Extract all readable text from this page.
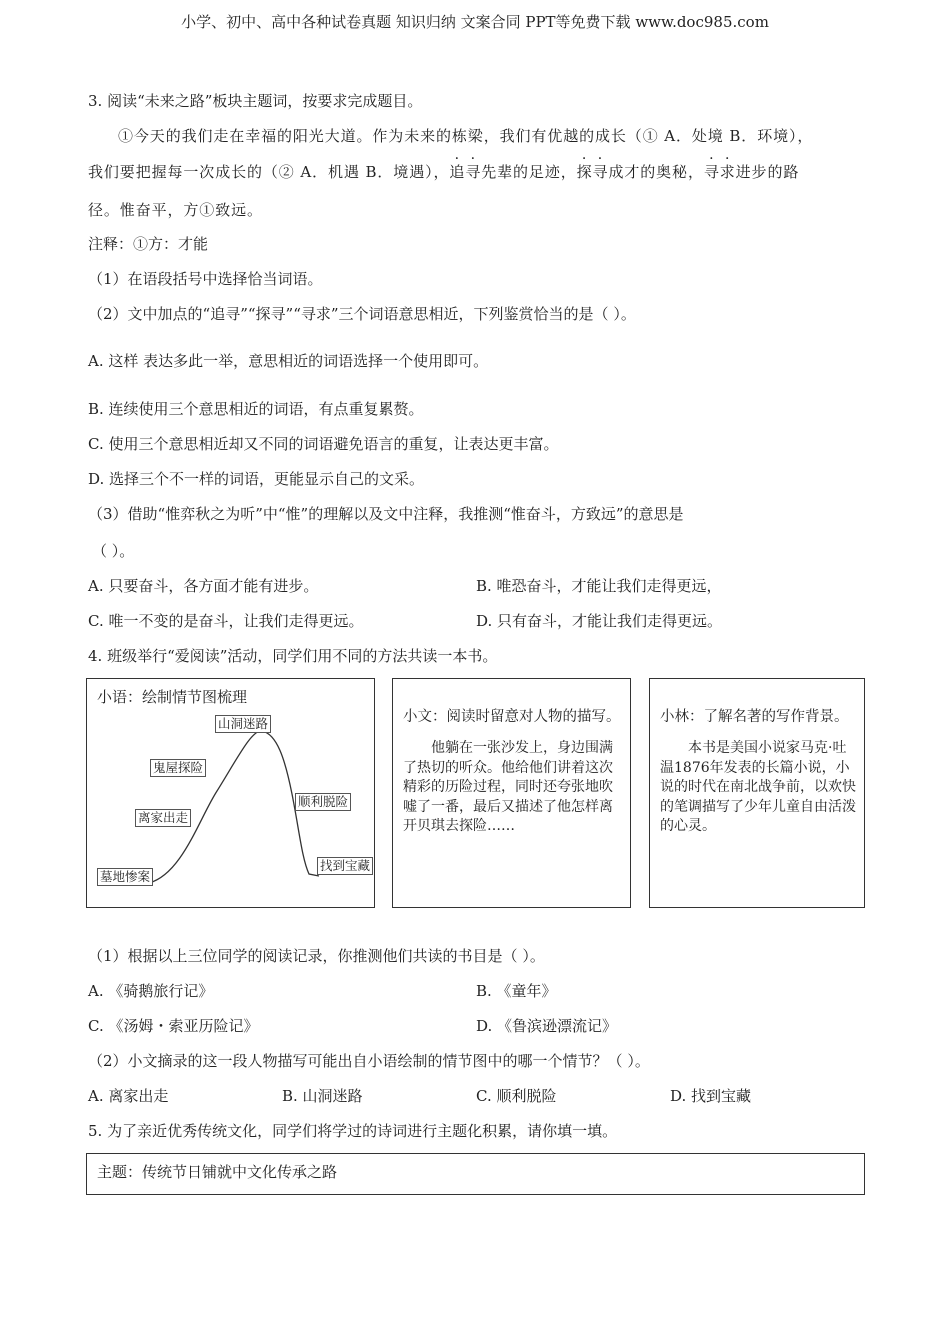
小学、初中、高中各种试卷真题 知识归纳 文案合同 PPT等免费下载 www.doc985.com
3. 阅读“未来之路”板块主题词，按要求完成题目。
①今天的我们走在幸福的阳光大道。作为未来的栋梁，我们有优越的成长（① A．处境 B．环境），
我们要把握每一次成长的（② A．机遇 B．境遇），追寻先辈的足迹，探寻成才的奥秘，寻求进步的路
径。惟奋平，方①致远。
注释：①方：才能
（1）在语段括号中选择恰当词语。
（2）文中加点的“追寻”“探寻”“寻求”三个词语意思相近，下列鉴赏恰当的是（ ）。
A. 这样 表达多此一举，意思相近的词语选择一个使用即可。
B. 连续使用三个意思相近的词语，有点重复累赘。
C. 使用三个意思相近却又不同的词语避免语言的重复，让表达更丰富。
D. 选择三个不一样的词语，更能显示自己的文采。
（3）借助“惟弈秋之为听”中“惟”的理解以及文中注释，我推测“惟奋斗，方致远”的意思是
（ ）。
A. 只要奋斗，各方面才能有进步。	B. 唯恐奋斗，才能让我们走得更远，
C. 唯一不变的是奋斗，让我们走得更远。	D. 只有奋斗，才能让我们走得更远。
4. 班级举行“爱阅读”活动，同学们用不同的方法共读一本书。
小语：绘制情节图梳理
山洞迷路
鬼屋探险
离家出走
墓地惨案
顺利脱险
找到宝藏

小文：阅读时留意对人物的描写。

他躺在一张沙发上，身边围满了热切的听众。他给他们讲着这次精彩的历险过程，同时还夸张地吹嘘了一番，最后又描述了他怎样离开贝琪去探险……

小林：了解名著的写作背景。

本书是美国小说家马克·吐温1876年发表的长篇小说，小说的时代在南北战争前，以欢快的笔调描写了少年儿童自由活泼的心灵。

（1）根据以上三位同学的阅读记录，你推测他们共读的书目是（ ）。
A. 《骑鹅旅行记》	B. 《童年》
C. 《汤姆・索亚历险记》	D. 《鲁滨逊漂流记》
（2）小文摘录的这一段人物描写可能出自小语绘制的情节图中的哪一个情节？（ ）。
A. 离家出走	B. 山洞迷路	C. 顺利脱险	D. 找到宝藏
5. 为了亲近优秀传统文化，同学们将学过的诗词进行主题化积累，请你填一填。
主题：传统节日铺就中文化传承之路
